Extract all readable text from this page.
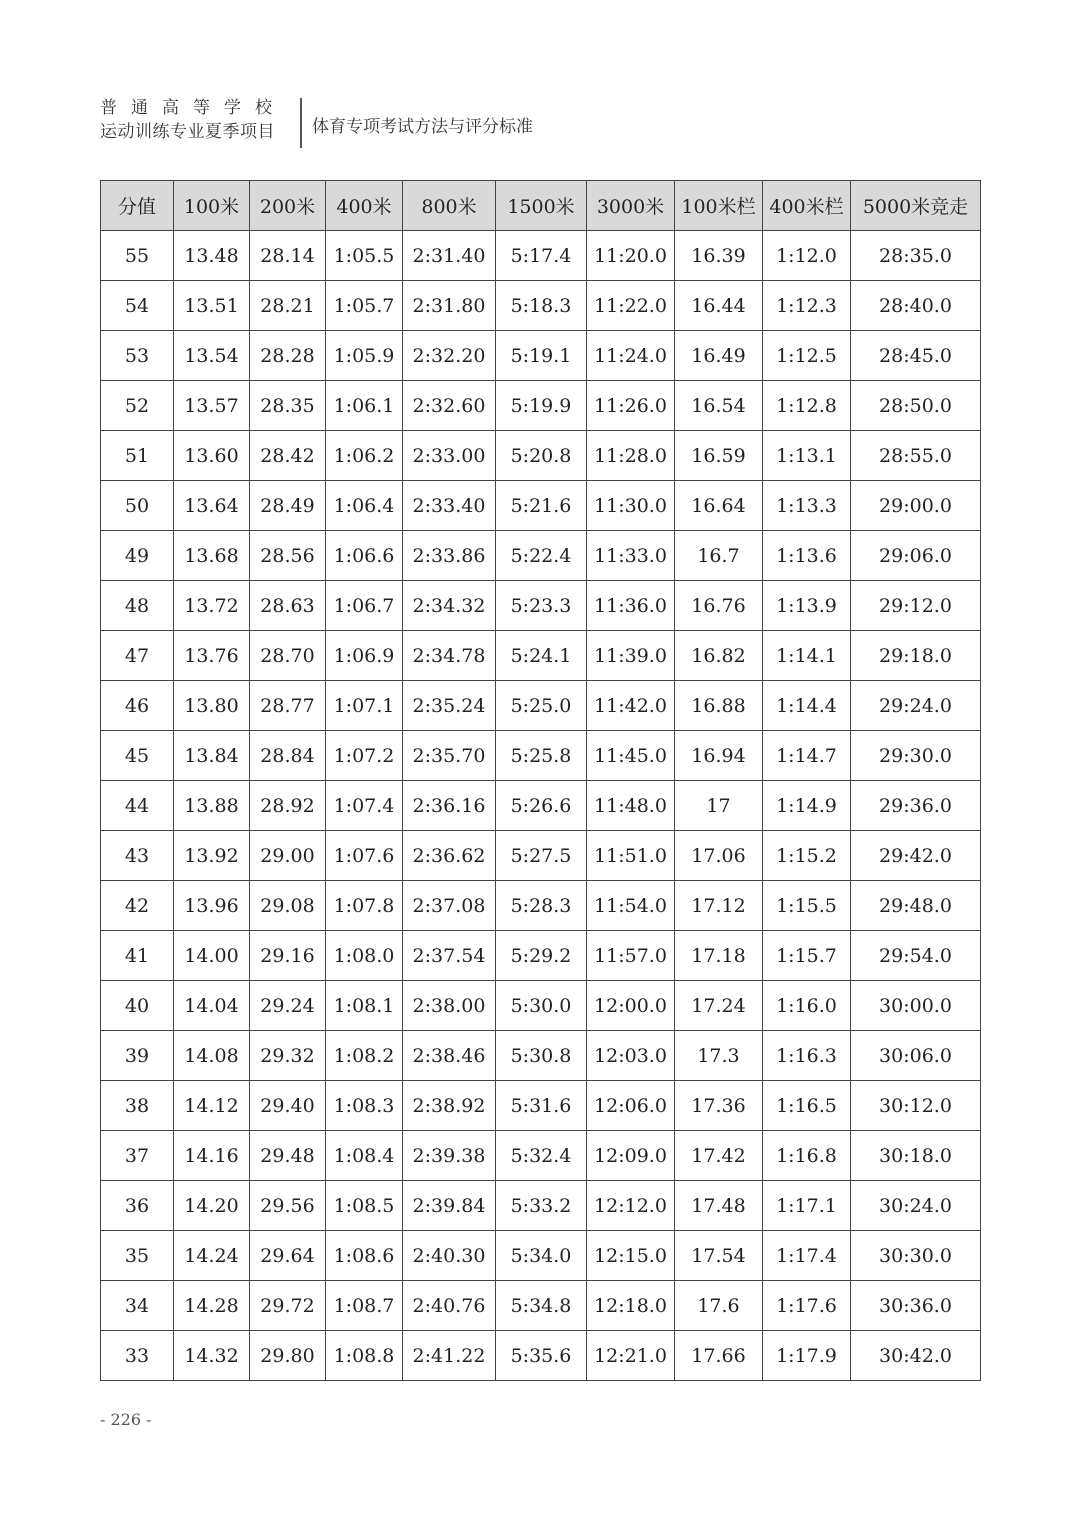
普通高等学校
运动训练专业夏季项目	体育专项考试方法与评分标准
分值	100米	200米	400米	800米	1500米	3000米	100米栏	400米栏	5000米竞走
55	13.48	28.14	1:05.5	2:31.40	5:17.4	11:20.0	16.39	1:12.0	28:35.0
54	13.51	28.21	1:05.7	2:31.80	5:18.3	11:22.0	16.44	1:12.3	28:40.0
53	13.54	28.28	1:05.9	2:32.20	5:19.1	11:24.0	16.49	1:12.5	28:45.0
52	13.57	28.35	1:06.1	2:32.60	5:19.9	11:26.0	16.54	1:12.8	28:50.0
51	13.60	28.42	1:06.2	2:33.00	5:20.8	11:28.0	16.59	1:13.1	28:55.0
50	13.64	28.49	1:06.4	2:33.40	5:21.6	11:30.0	16.64	1:13.3	29:00.0
49	13.68	28.56	1:06.6	2:33.86	5:22.4	11:33.0	16.7	1:13.6	29:06.0
48	13.72	28.63	1:06.7	2:34.32	5:23.3	11:36.0	16.76	1:13.9	29:12.0
47	13.76	28.70	1:06.9	2:34.78	5:24.1	11:39.0	16.82	1:14.1	29:18.0
46	13.80	28.77	1:07.1	2:35.24	5:25.0	11:42.0	16.88	1:14.4	29:24.0
45	13.84	28.84	1:07.2	2:35.70	5:25.8	11:45.0	16.94	1:14.7	29:30.0
44	13.88	28.92	1:07.4	2:36.16	5:26.6	11:48.0	17	1:14.9	29:36.0
43	13.92	29.00	1:07.6	2:36.62	5:27.5	11:51.0	17.06	1:15.2	29:42.0
42	13.96	29.08	1:07.8	2:37.08	5:28.3	11:54.0	17.12	1:15.5	29:48.0
41	14.00	29.16	1:08.0	2:37.54	5:29.2	11:57.0	17.18	1:15.7	29:54.0
40	14.04	29.24	1:08.1	2:38.00	5:30.0	12:00.0	17.24	1:16.0	30:00.0
39	14.08	29.32	1:08.2	2:38.46	5:30.8	12:03.0	17.3	1:16.3	30:06.0
38	14.12	29.40	1:08.3	2:38.92	5:31.6	12:06.0	17.36	1:16.5	30:12.0
37	14.16	29.48	1:08.4	2:39.38	5:32.4	12:09.0	17.42	1:16.8	30:18.0
36	14.20	29.56	1:08.5	2:39.84	5:33.2	12:12.0	17.48	1:17.1	30:24.0
35	14.24	29.64	1:08.6	2:40.30	5:34.0	12:15.0	17.54	1:17.4	30:30.0
34	14.28	29.72	1:08.7	2:40.76	5:34.8	12:18.0	17.6	1:17.6	30:36.0
33	14.32	29.80	1:08.8	2:41.22	5:35.6	12:21.0	17.66	1:17.9	30:42.0
- 226 -
